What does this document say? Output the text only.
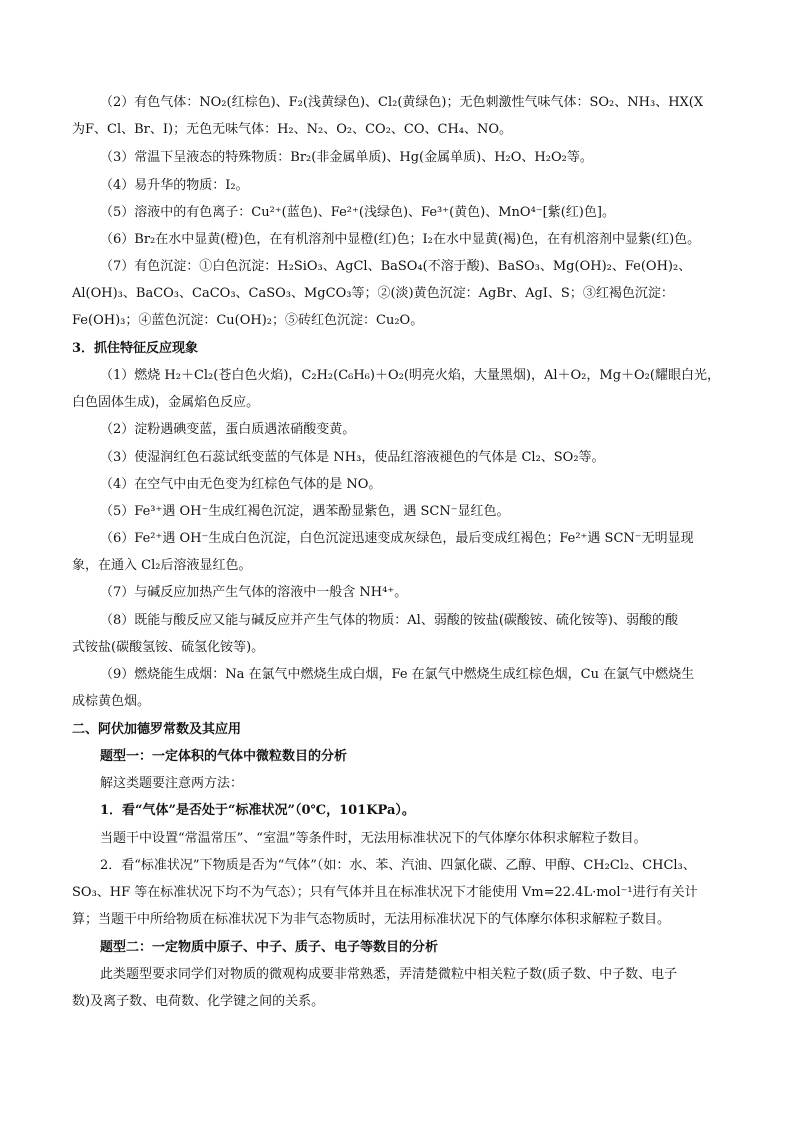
（2）有色气体：NO₂(红棕色)、F₂(浅黄绿色)、Cl₂(黄绿色)；无色刺激性气味气体：SO₂、NH₃、HX(X
为F、Cl、Br、I)；无色无味气体：H₂、N₂、O₂、CO₂、CO、CH₄、NO。
（3）常温下呈液态的特殊物质：Br₂(非金属单质)、Hg(金属单质)、H₂O、H₂O₂等。
（4）易升华的物质：I₂。
（5）溶液中的有色离子：Cu²⁺(蓝色)、Fe²⁺(浅绿色)、Fe³⁺(黄色)、MnO⁴⁻[紫(红)色]。
（6）Br₂在水中显黄(橙)色，在有机溶剂中显橙(红)色；I₂在水中显黄(褐)色，在有机溶剂中显紫(红)色。
（7）有色沉淀：①白色沉淀：H₂SiO₃、AgCl、BaSO₄(不溶于酸)、BaSO₃、Mg(OH)₂、Fe(OH)₂、
Al(OH)₃、BaCO₃、CaCO₃、CaSO₃、MgCO₃等；②(淡)黄色沉淀：AgBr、AgI、S；③红褐色沉淀：
Fe(OH)₃；④蓝色沉淀：Cu(OH)₂；⑤砖红色沉淀：Cu₂O。
3．抓住特征反应现象
（1）燃烧 H₂＋Cl₂(苍白色火焰)，C₂H₂(C₆H₆)＋O₂(明亮火焰，大量黑烟)，Al＋O₂，Mg＋O₂(耀眼白光，
白色固体生成)，金属焰色反应。
（2）淀粉遇碘变蓝，蛋白质遇浓硝酸变黄。
（3）使湿润红色石蕊试纸变蓝的气体是 NH₃，使品红溶液褪色的气体是 Cl₂、SO₂等。
（4）在空气中由无色变为红棕色气体的是 NO。
（5）Fe³⁺遇 OH⁻生成红褐色沉淀，遇苯酚显紫色，遇 SCN⁻显红色。
（6）Fe²⁺遇 OH⁻生成白色沉淀，白色沉淀迅速变成灰绿色，最后变成红褐色；Fe²⁺遇 SCN⁻无明显现
象，在通入 Cl₂后溶液显红色。
（7）与碱反应加热产生气体的溶液中一般含 NH⁴⁺。
（8）既能与酸反应又能与碱反应并产生气体的物质：Al、弱酸的铵盐(碳酸铵、硫化铵等)、弱酸的酸
式铵盐(碳酸氢铵、硫氢化铵等)。
（9）燃烧能生成烟：Na 在氯气中燃烧生成白烟，Fe 在氯气中燃烧生成红棕色烟，Cu 在氯气中燃烧生
成棕黄色烟。
二、阿伏加德罗常数及其应用
题型一：一定体积的气体中微粒数目的分析
解这类题要注意两方法：
1．看“气体”是否处于“标准状况”（0℃，101KPa）。
当题干中设置“常温常压”、“室温”等条件时，无法用标准状况下的气体摩尔体积求解粒子数目。
2．看“标准状况”下物质是否为“气体”（如：水、苯、汽油、四氯化碳、乙醇、甲醇、CH₂Cl₂、CHCl₃、
SO₃、HF 等在标准状况下均不为气态）；只有气体并且在标准状况下才能使用 Vm=22.4L·mol⁻¹进行有关计
算；当题干中所给物质在标准状况下为非气态物质时，无法用标准状况下的气体摩尔体积求解粒子数目。
题型二：一定物质中原子、中子、质子、电子等数目的分析
此类题型要求同学们对物质的微观构成要非常熟悉，弄清楚微粒中相关粒子数(质子数、中子数、电子
数)及离子数、电荷数、化学键之间的关系。
